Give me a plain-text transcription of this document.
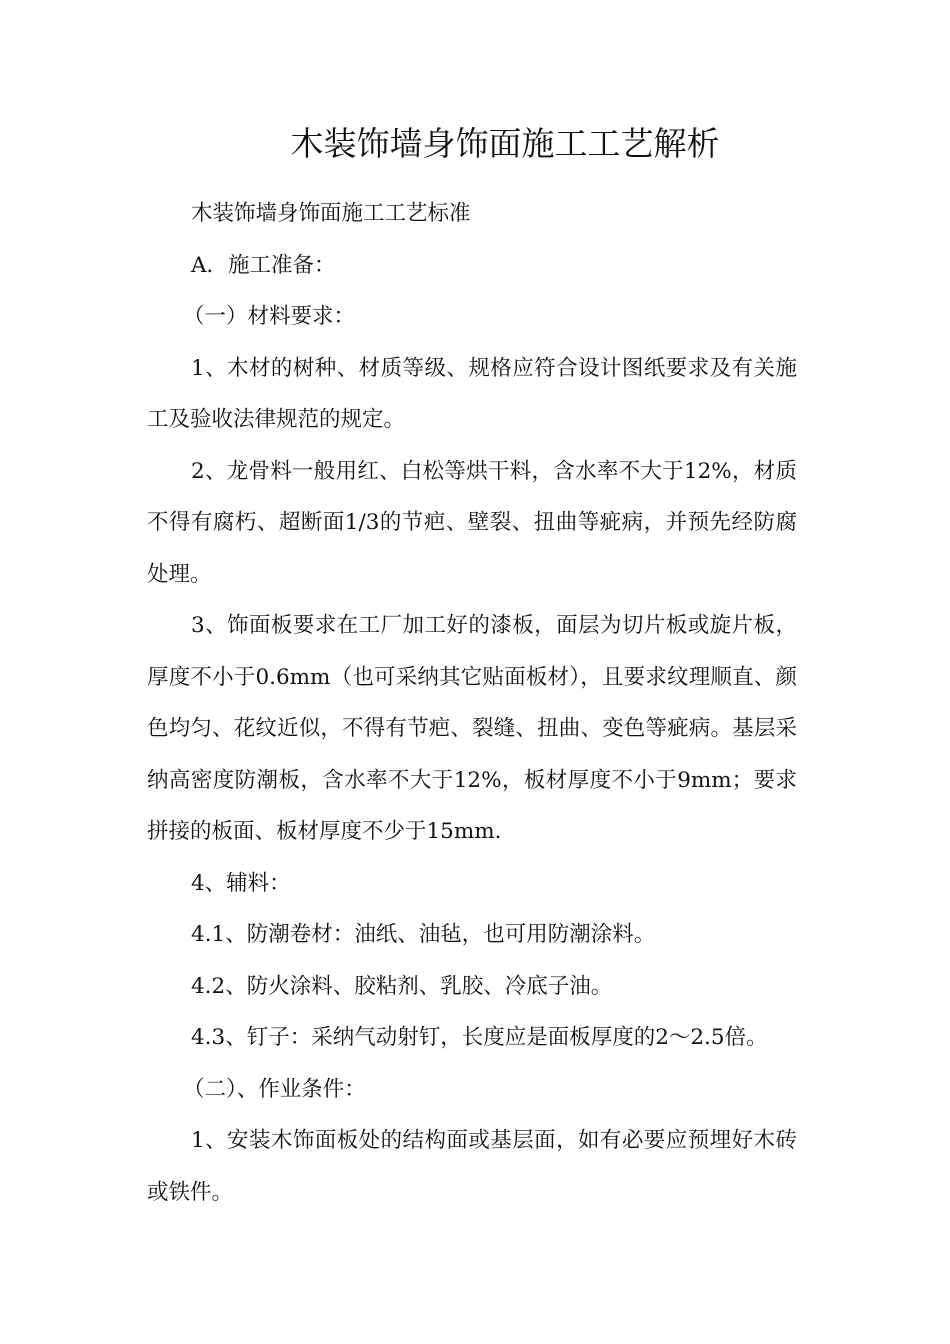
木装饰墙身饰面施工工艺解析

木装饰墙身饰面施工工艺标准

A．施工准备：

（一）材料要求：

1、木材的树种、材质等级、规格应符合设计图纸要求及有关施工及验收法律规范的规定。

2、龙骨料一般用红、白松等烘干料，含水率不大于12%，材质不得有腐朽、超断面1/3的节疤、壁裂、扭曲等疵病，并预先经防腐处理。

3、饰面板要求在工厂加工好的漆板，面层为切片板或旋片板，厚度不小于0.6mm（也可采纳其它贴面板材），且要求纹理顺直、颜色均匀、花纹近似，不得有节疤、裂缝、扭曲、变色等疵病。基层采纳高密度防潮板，含水率不大于12%，板材厚度不小于9mm；要求拼接的板面、板材厚度不少于15mm.

4、辅料：

4.1、防潮卷材：油纸、油毡，也可用防潮涂料。

4.2、防火涂料、胶粘剂、乳胶、冷底子油。

4.3、钉子：采纳气动射钉，长度应是面板厚度的2～2.5倍。

（二）、作业条件：

1、安装木饰面板处的结构面或基层面，如有必要应预埋好木砖或铁件。
